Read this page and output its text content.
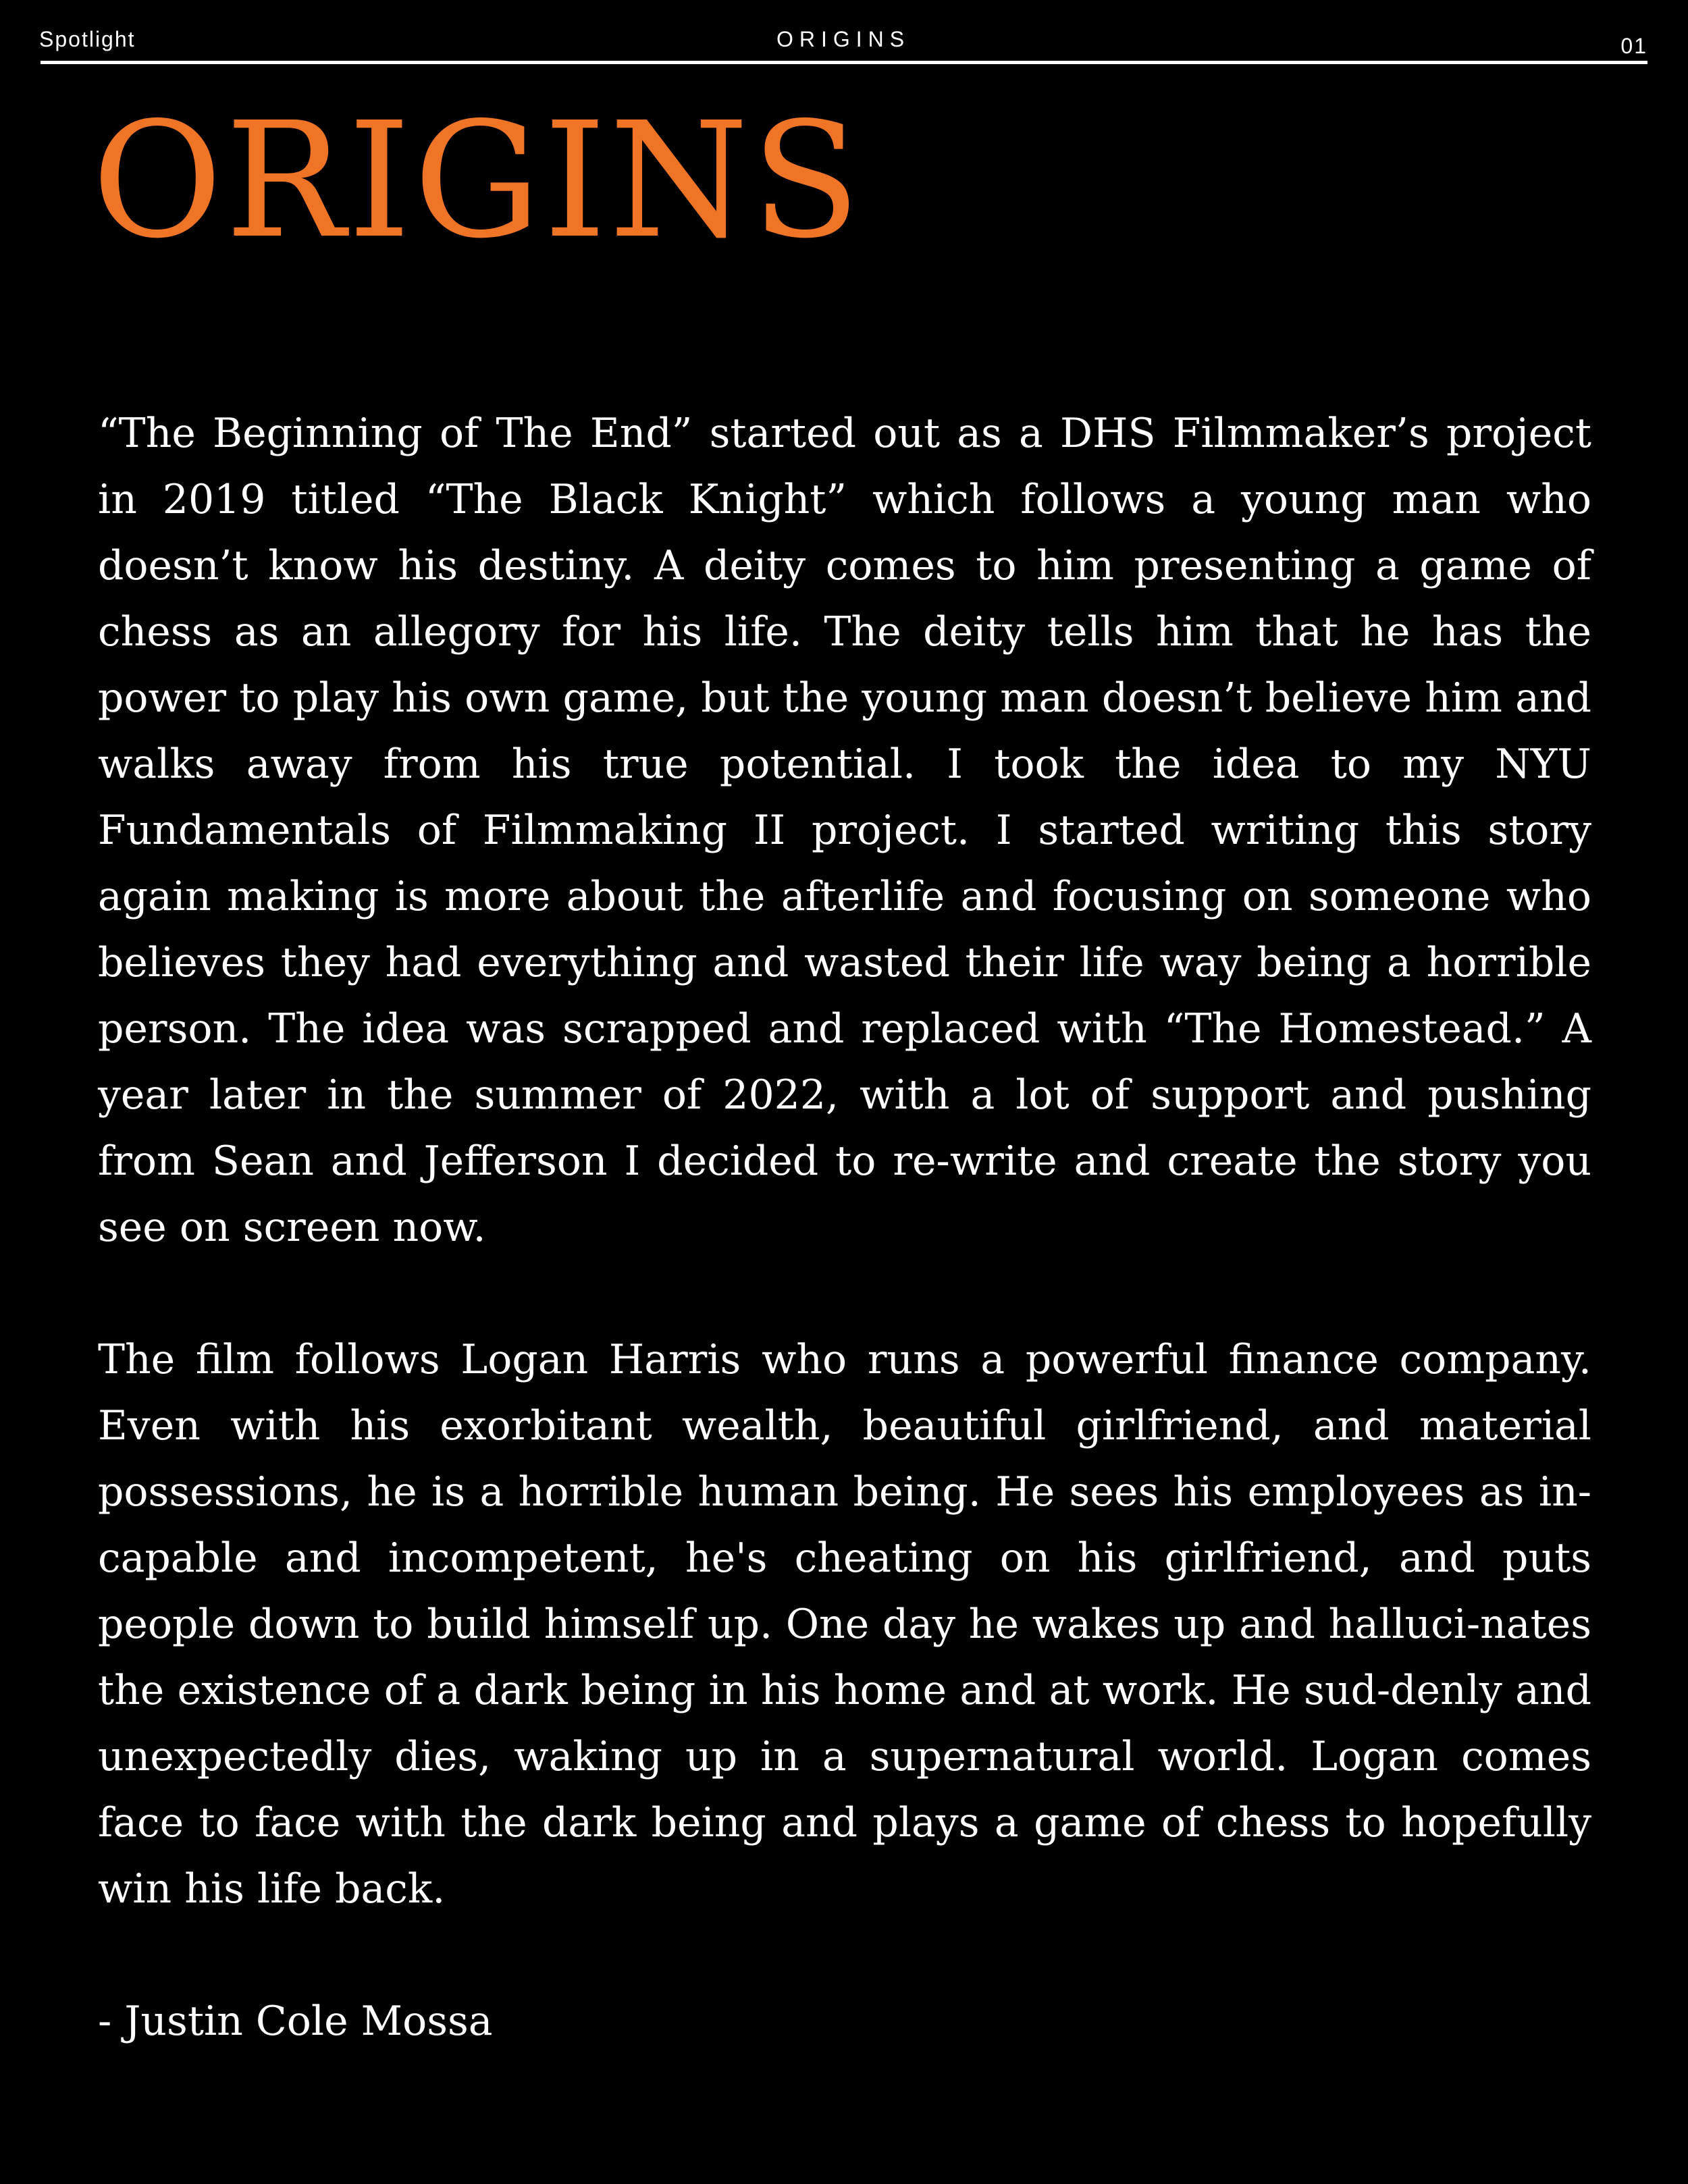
Spotlight	ORIGINS	01
ORIGINS

“The Beginning of The End” started out as a DHS Filmmaker’s project in 2019 titled “The Black Knight” which follows a young man who doesn’t know his destiny. A deity comes to him presenting a game of chess as an allegory for his life. The deity tells him that he has the power to play his own game, but the young man doesn’t believe him and walks away from his true potential. I took the idea to my NYU Fundamentals of Filmmaking II project. I started writing this story again making is more about the afterlife and focusing on someone who believes they had everything and wasted their life way being a horrible person. The idea was scrapped and replaced with “The Homestead.” A year later in the summer of 2022, with a lot of support and pushing from Sean and Jefferson I decided to re-write and create the story you see on screen now.

The film follows Logan Harris who runs a powerful finance company. Even with his exorbitant wealth, beautiful girlfriend, and material possessions, he is a horrible human being. He sees his employees as in-capable and incompetent, he's cheating on his girlfriend, and puts people down to build himself up. One day he wakes up and halluci-nates the existence of a dark being in his home and at work. He sud-denly and unexpectedly dies, waking up in a supernatural world. Logan comes face to face with the dark being and plays a game of chess to hopefully win his life back.

- Justin Cole Mossa
